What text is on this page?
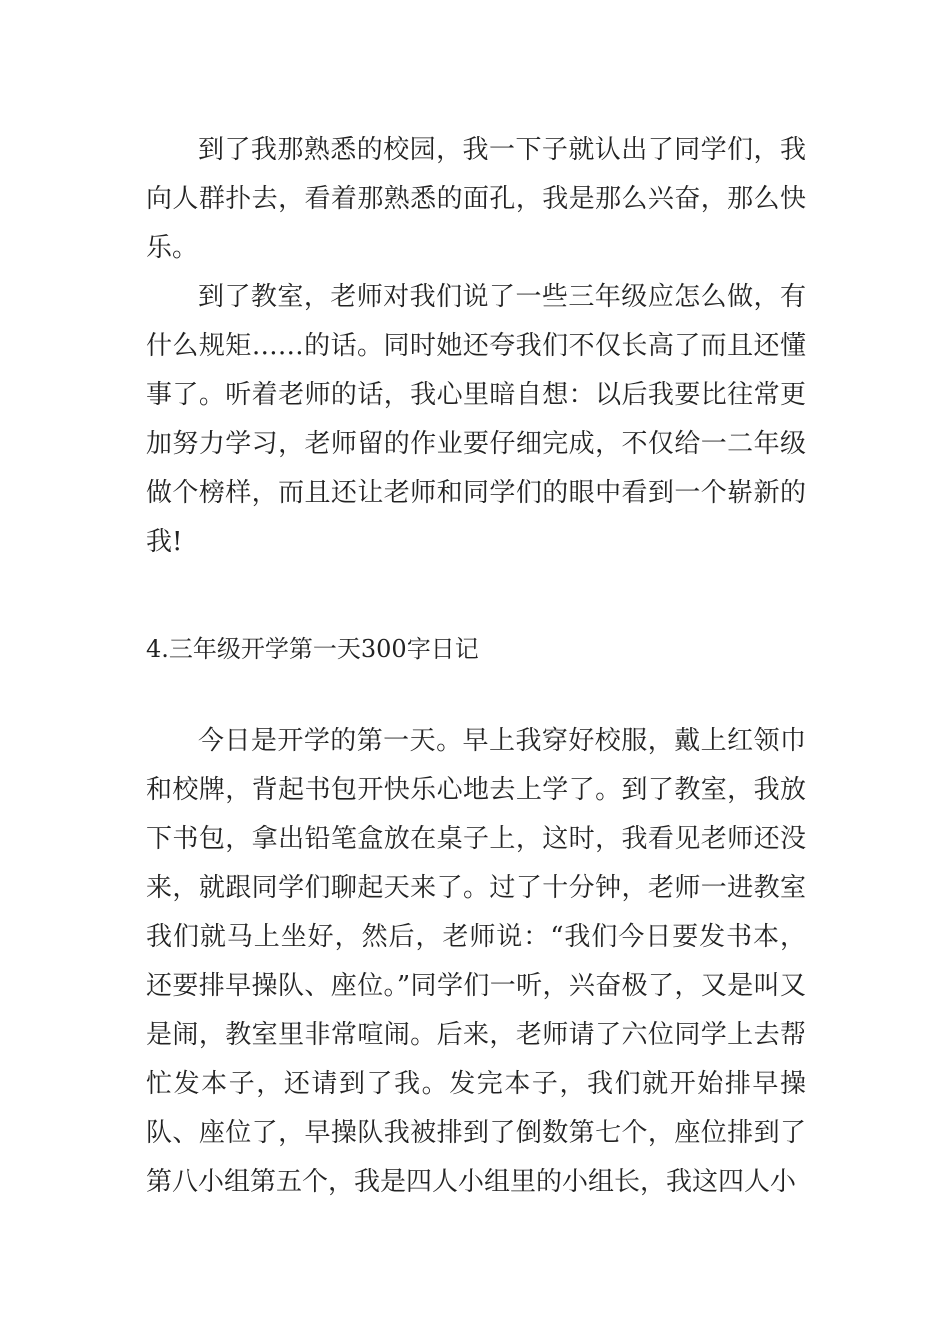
到了我那熟悉的校园，我一下子就认出了同学们，我向人群扑去，看着那熟悉的面孔，我是那么兴奋，那么快乐。

到了教室，老师对我们说了一些三年级应怎么做，有什么规矩……的话。同时她还夸我们不仅长高了而且还懂事了。听着老师的话，我心里暗自想：以后我要比往常更加努力学习，老师留的作业要仔细完成，不仅给一二年级做个榜样，而且还让老师和同学们的眼中看到一个崭新的我!

4.三年级开学第一天300字日记

今日是开学的第一天。早上我穿好校服，戴上红领巾和校牌，背起书包开快乐心地去上学了。到了教室，我放下书包，拿出铅笔盒放在桌子上，这时，我看见老师还没来，就跟同学们聊起天来了。过了十分钟，老师一进教室我们就马上坐好，然后，老师说：“我们今日要发书本，还要排早操队、座位。”同学们一听，兴奋极了，又是叫又是闹，教室里非常喧闹。后来，老师请了六位同学上去帮忙发本子，还请到了我。发完本子，我们就开始排早操队、座位了，早操队我被排到了倒数第七个，座位排到了第八小组第五个，我是四人小组里的小组长，我这四人小
